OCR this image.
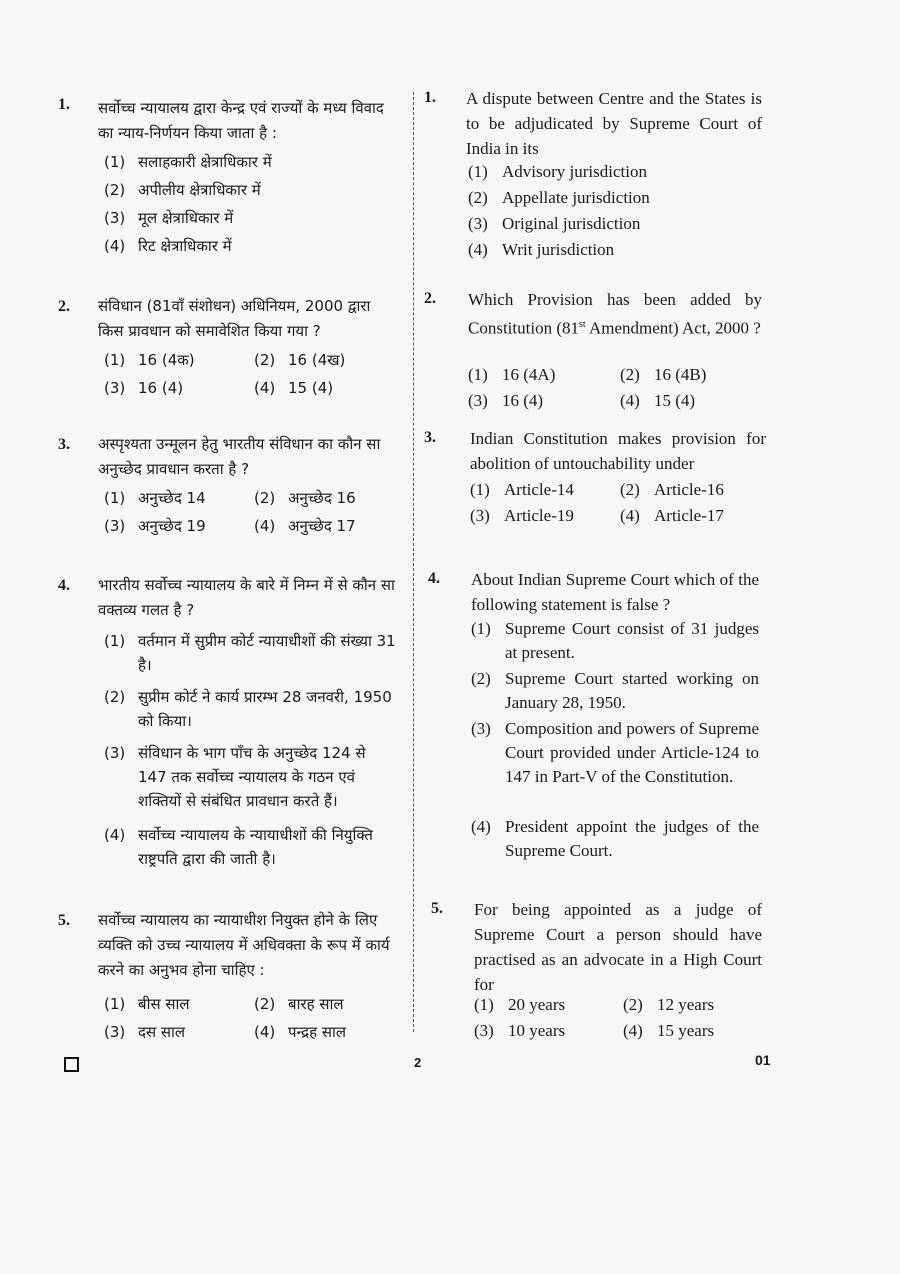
1. सर्वोच्च न्यायालय द्वारा केन्द्र एवं राज्यों के मध्य विवाद का न्याय-निर्णयन किया जाता है :
(1) सलाहकारी क्षेत्राधिकार में
(2) अपीलीय क्षेत्राधिकार में
(3) मूल क्षेत्राधिकार में
(4) रिट क्षेत्राधिकार में
2. संविधान (81वाँ संशोधन) अधिनियम, 2000 द्वारा किस प्रावधान को समावेशित किया गया ?
(1) 16 (4क)	(2) 16 (4ख)
(3) 16 (4)	(4) 15 (4)
3. अस्पृश्यता उन्मूलन हेतु भारतीय संविधान का कौन सा अनुच्छेद प्रावधान करता है ?
(1) अनुच्छेद 14	(2) अनुच्छेद 16
(3) अनुच्छेद 19	(4) अनुच्छेद 17
4. भारतीय सर्वोच्च न्यायालय के बारे में निम्न में से कौन सा वक्तव्य गलत है ?
(1) वर्तमान में सुप्रीम कोर्ट न्यायाधीशों की संख्या 31 है।
(2) सुप्रीम कोर्ट ने कार्य प्रारम्भ 28 जनवरी, 1950 को किया।
(3) संविधान के भाग पाँच के अनुच्छेद 124 से 147 तक सर्वोच्च न्यायालय के गठन एवं शक्तियों से संबंधित प्रावधान करते हैं।
(4) सर्वोच्च न्यायालय के न्यायाधीशों की नियुक्ति राष्ट्रपति द्वारा की जाती है।
5. सर्वोच्च न्यायालय का न्यायाधीश नियुक्त होने के लिए व्यक्ति को उच्च न्यायालय में अधिवक्ता के रूप में कार्य करने का अनुभव होना चाहिए :
(1) बीस साल	(2) बारह साल
(3) दस साल	(4) पन्द्रह साल
1. A dispute between Centre and the States is to be adjudicated by Supreme Court of India in its
(1) Advisory jurisdiction
(2) Appellate jurisdiction
(3) Original jurisdiction
(4) Writ jurisdiction
2. Which Provision has been added by Constitution (81st Amendment) Act, 2000 ?
(1) 16 (4A)	(2) 16 (4B)
(3) 16 (4)	(4) 15 (4)
3. Indian Constitution makes provision for abolition of untouchability under
(1) Article-14	(2) Article-16
(3) Article-19	(4) Article-17
4. About Indian Supreme Court which of the following statement is false ?
(1) Supreme Court consist of 31 judges at present.
(2) Supreme Court started working on January 28, 1950.
(3) Composition and powers of Supreme Court provided under Article-124 to 147 in Part-V of the Constitution.
(4) President appoint the judges of the Supreme Court.
5. For being appointed as a judge of Supreme Court a person should have practised as an advocate in a High Court for
(1) 20 years	(2) 12 years
(3) 10 years	(4) 15 years
2	01
